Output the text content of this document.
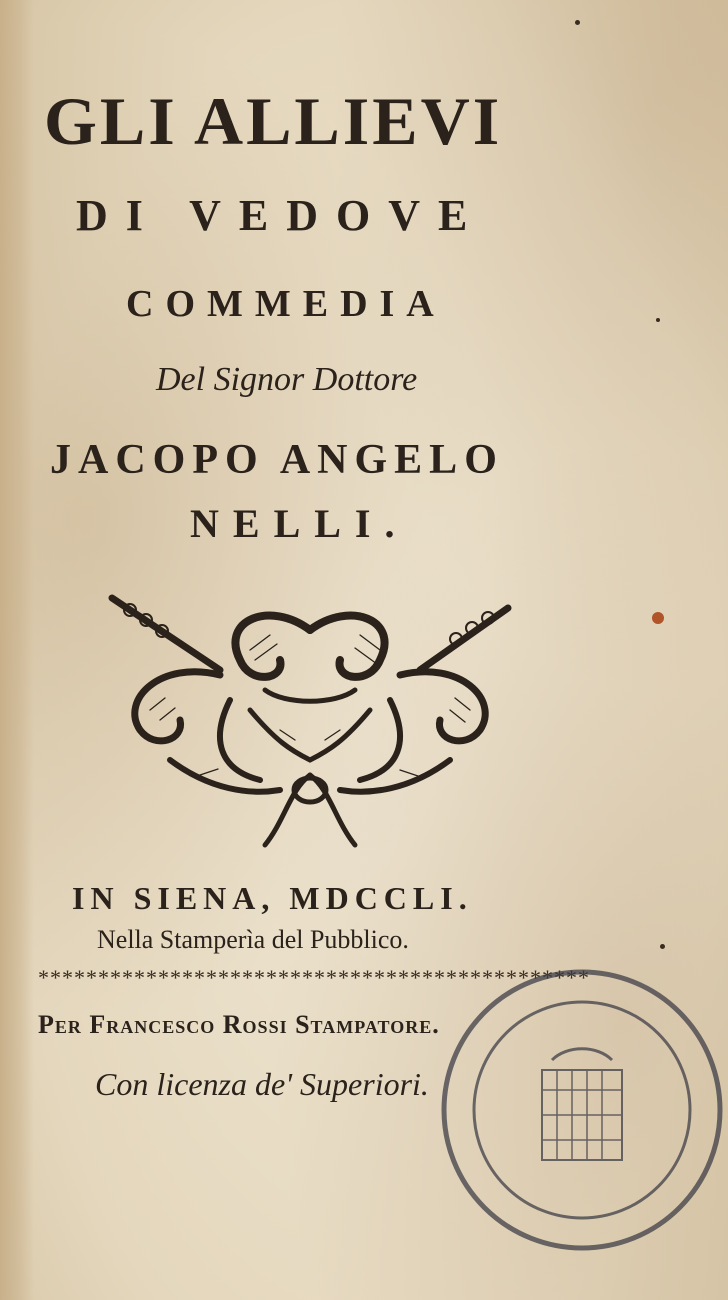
GLI ALLIEVI
DI VEDOVE
COMMEDIA
Del Signor Dottore
JACOPO ANGELO
NELLI.
IN SIENA, MDCCLI.
Nella Stamperìa del Pubblico.
**********************************************
Per Francesco Rossi Stampatore.
Con licenza de' Superiori.
